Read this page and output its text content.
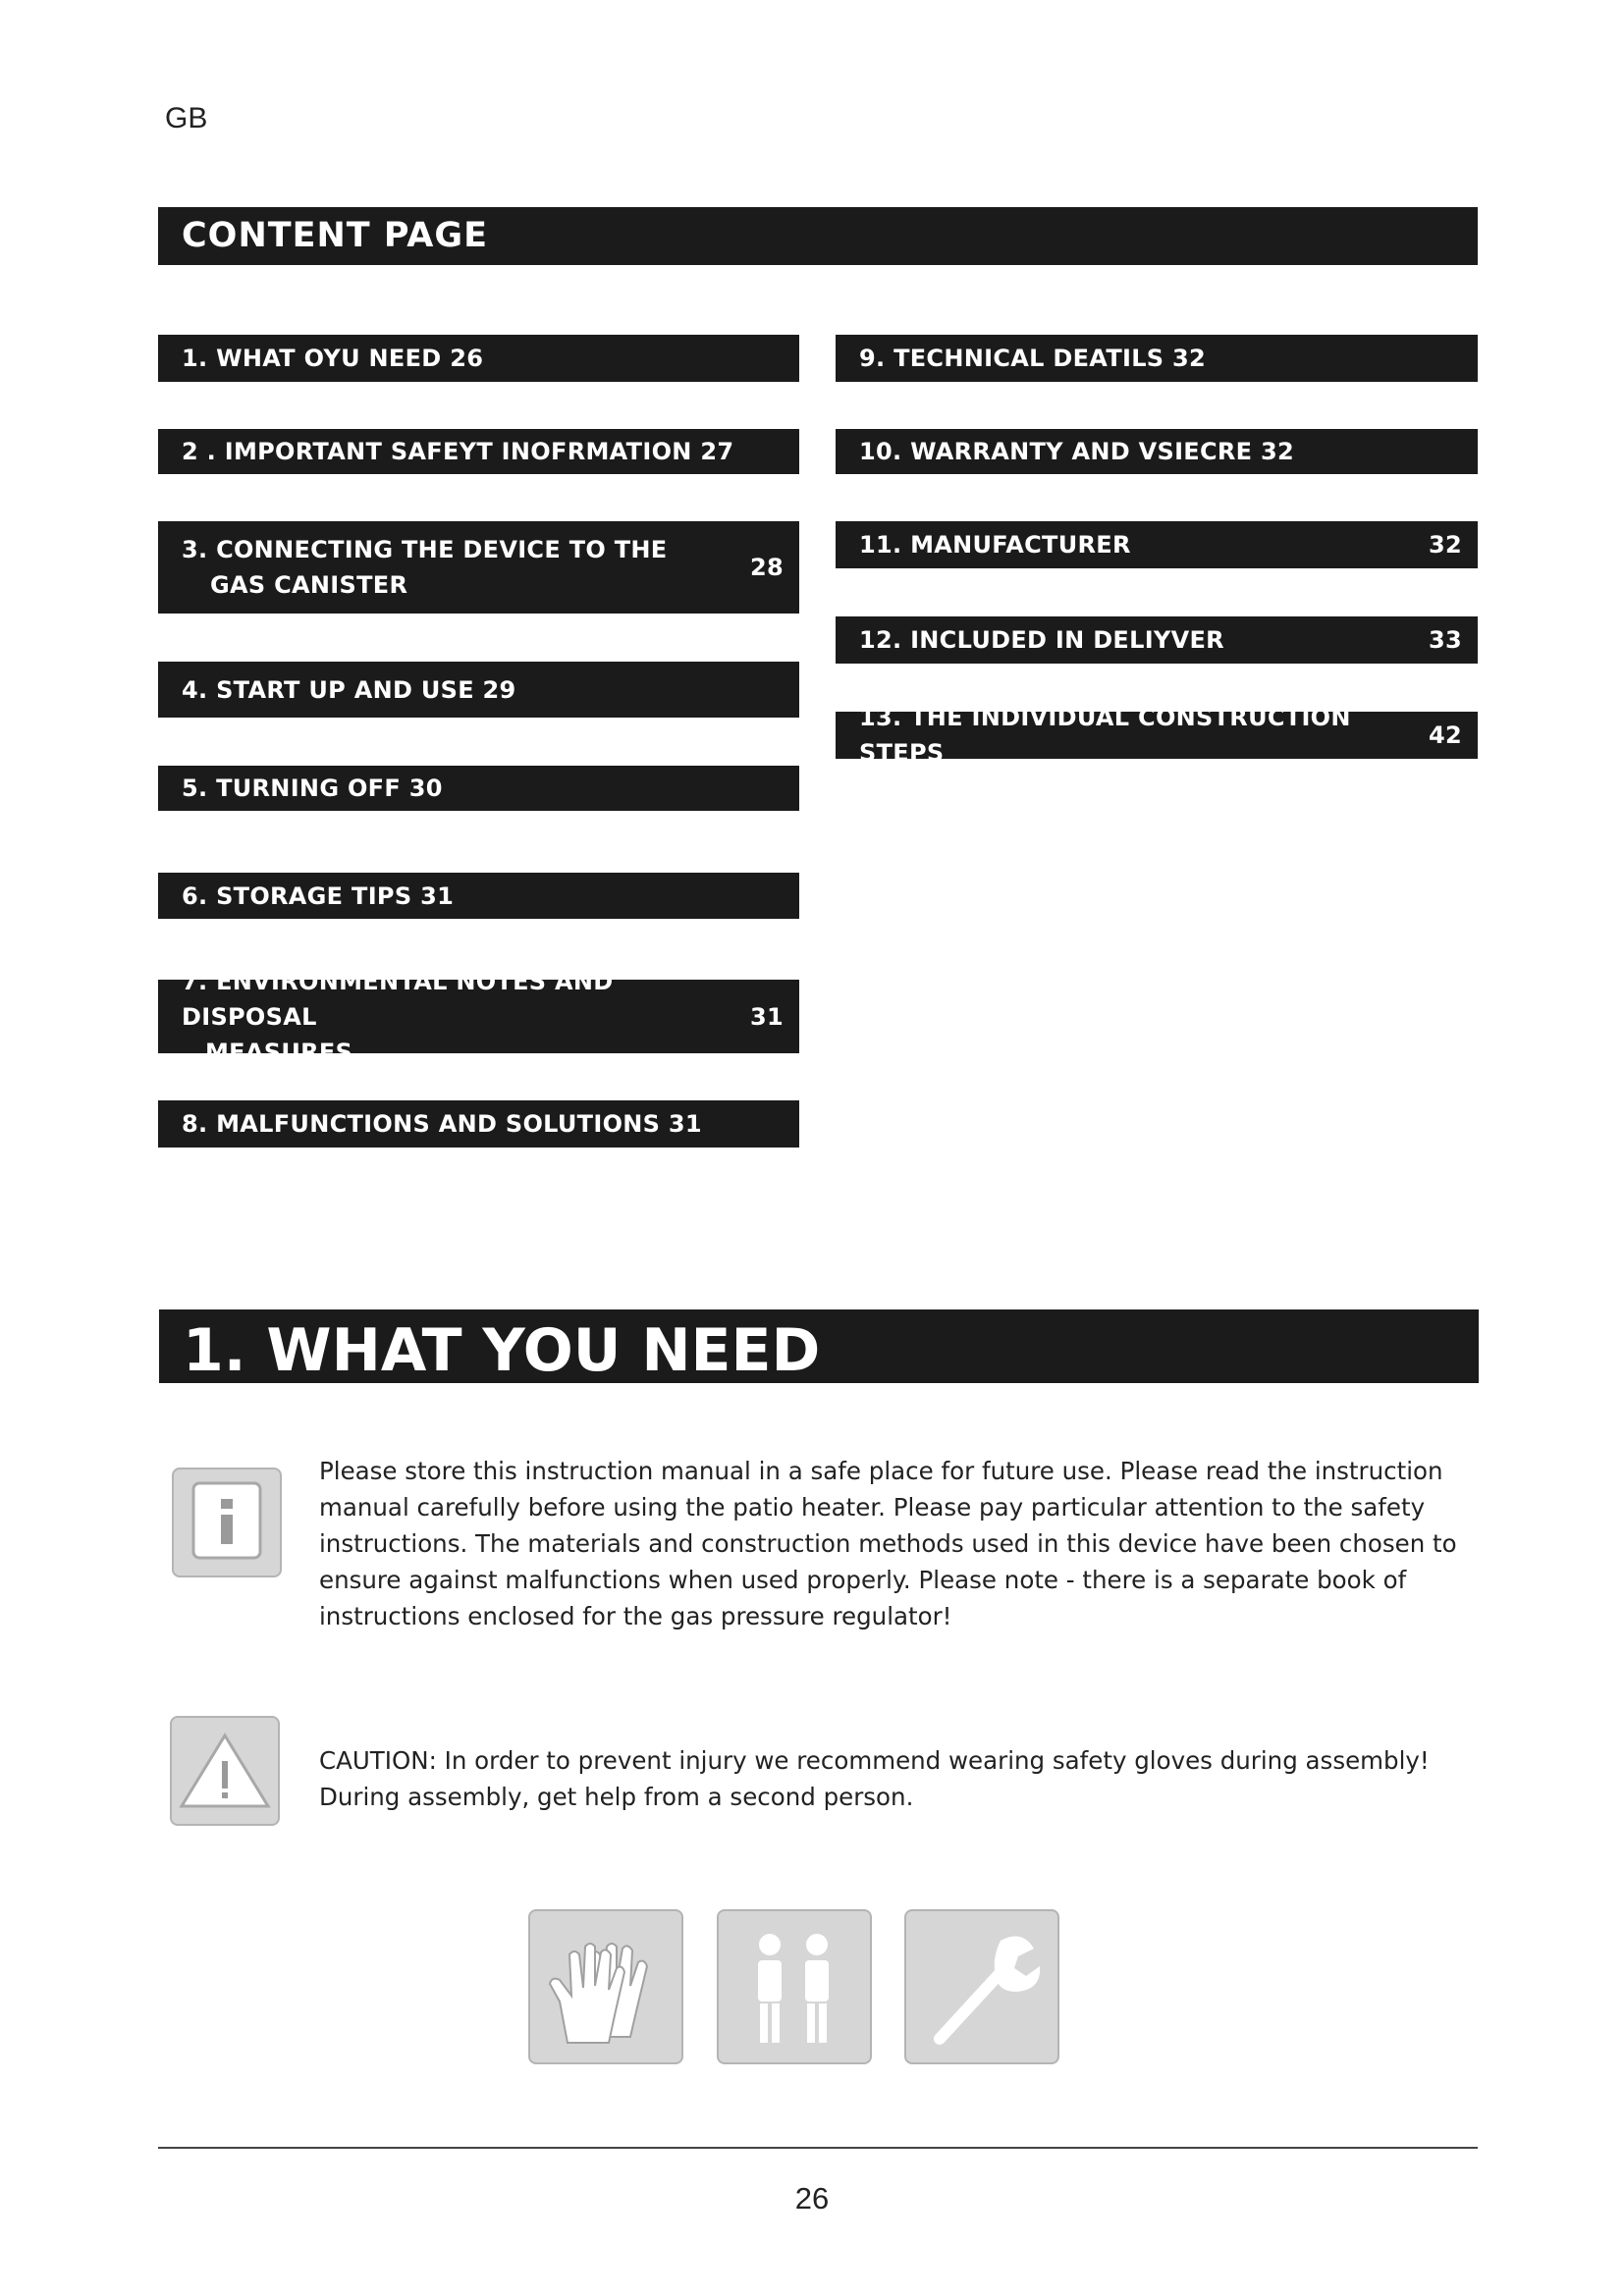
GB
CONTENT PAGE
1. WHAT OYU NEED 26
2 . IMPORTANT SAFEYT INOFRMATION 27
3. CONNECTING THE DEVICE TO THE
GAS CANISTER
28
4. START UP AND USE 29
5. TURNING OFF 30
6. STORAGE TIPS 31
7. ENVIRONMENTAL NOTES AND DISPOSAL
MEASURES
31
8. MALFUNCTIONS AND SOLUTIONS 31
9. TECHNICAL DEATILS 32
10. WARRANTY AND VSIECRE 32
11. MANUFACTURER	32
12. INCLUDED IN DELIYVER	33
13. THE INDIVIDUAL CONSTRUCTION STEPS
42
1. WHAT YOU NEED
Please store this instruction manual in a safe place for future use. Please read the instruction manual carefully before using the patio heater. Please pay particular attention to the safety instructions. The materials and construction methods used in this device have been chosen to ensure against malfunctions when used properly. Please note - there is a separate book of instructions enclosed for the gas pressure regulator!
CAUTION: In order to prevent injury we recommend wearing safety gloves during assembly! During assembly, get help from a second person.
26
